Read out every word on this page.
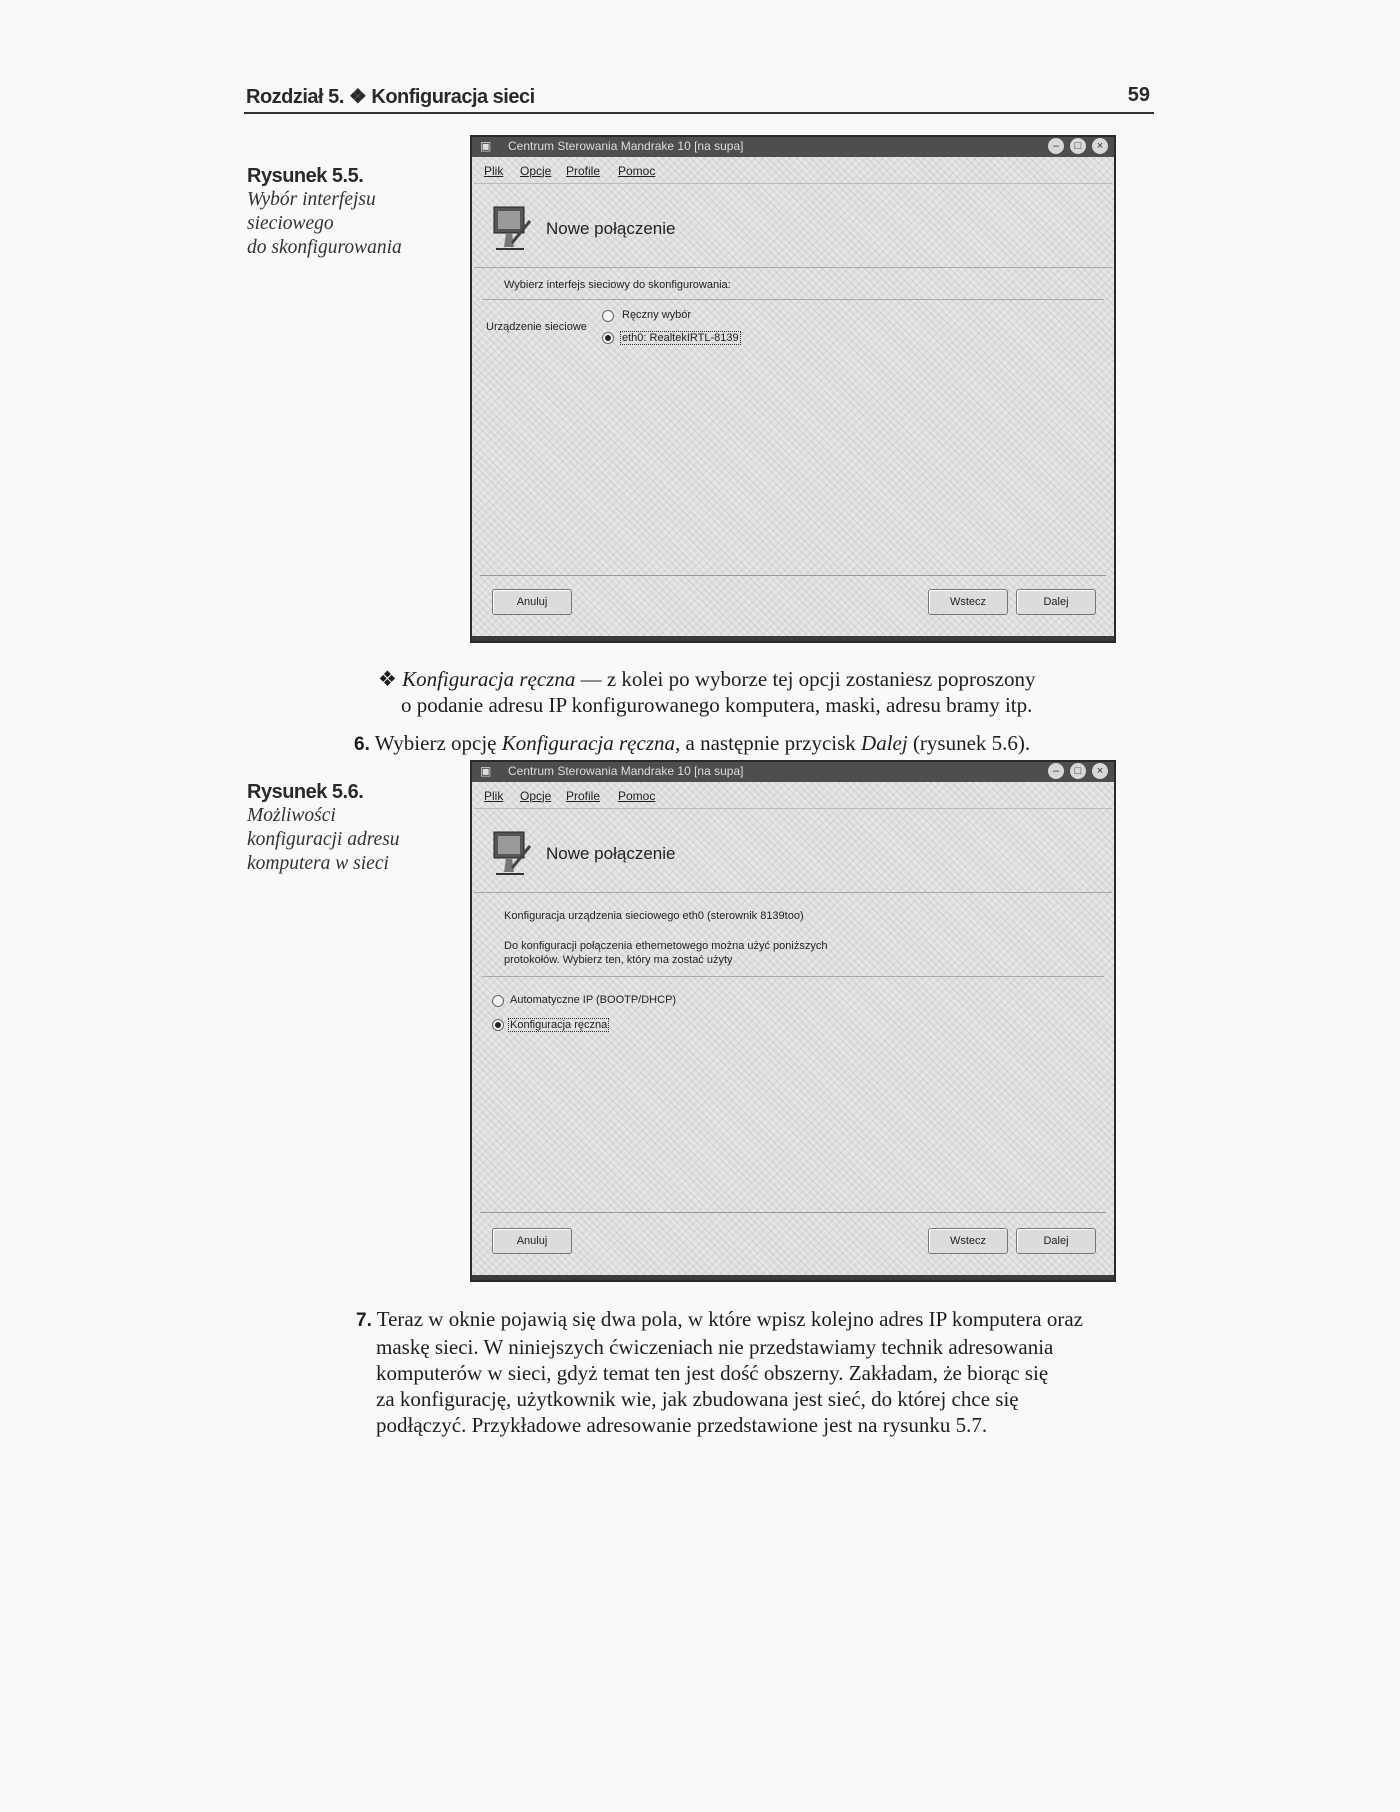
Rozdział 5. ❖ Konfiguracja sieci	59
Rysunek 5.5.
Wybór interfejsu
sieciowego
do skonfigurowania
▣	Centrum Sterowania Mandrake 10 [na supa]	–	□	×
Plik Opcje Profile Pomoc
Nowe połączenie
Wybierz interfejs sieciowy do skonfigurowania:
Urządzenie sieciowe
Ręczny wybór
eth0: RealtekIRTL-8139
Anuluj	Wstecz	Dalej
❖ Konfiguracja ręczna — z kolei po wyborze tej opcji zostaniesz poproszony
o podanie adresu IP konfigurowanego komputera, maski, adresu bramy itp.
6. Wybierz opcję Konfiguracja ręczna, a następnie przycisk Dalej (rysunek 5.6).
Rysunek 5.6.
Możliwości
konfiguracji adresu
komputera w sieci
▣	Centrum Sterowania Mandrake 10 [na supa]	–	□	×
Plik Opcje Profile Pomoc
Nowe połączenie
Konfiguracja urządzenia sieciowego eth0 (sterownik 8139too)
Do konfiguracji połączenia ethernetowego można użyć poniższych
protokołów. Wybierz ten, który ma zostać użyty
Automatyczne IP (BOOTP/DHCP)
Konfiguracja ręczna
Anuluj	Wstecz	Dalej
7. Teraz w oknie pojawią się dwa pola, w które wpisz kolejno adres IP komputera oraz
maskę sieci. W niniejszych ćwiczeniach nie przedstawiamy technik adresowania
komputerów w sieci, gdyż temat ten jest dość obszerny. Zakładam, że biorąc się
za konfigurację, użytkownik wie, jak zbudowana jest sieć, do której chce się
podłączyć. Przykładowe adresowanie przedstawione jest na rysunku 5.7.
